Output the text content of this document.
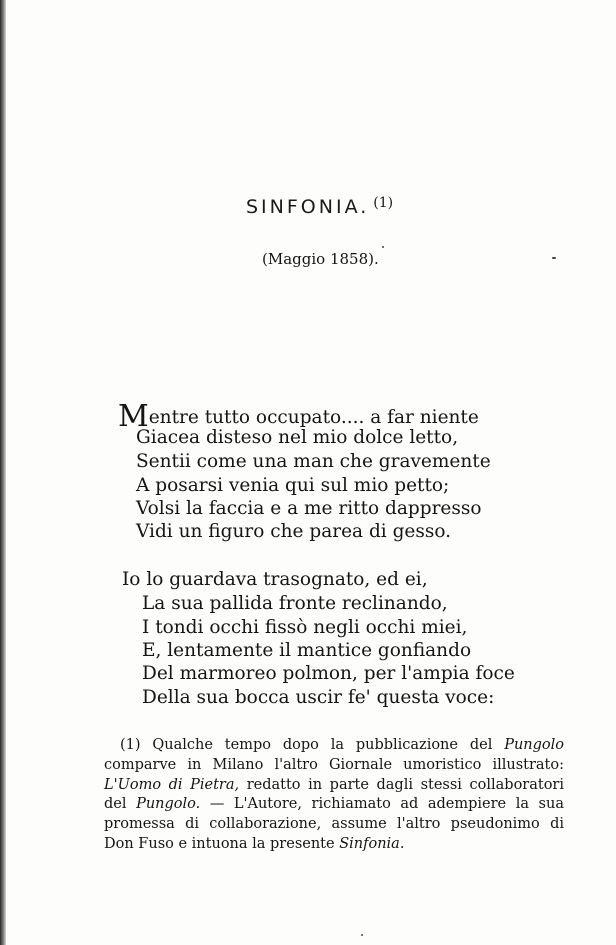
SINFONIA. $^{(1)}$
(Maggio 1858).
Mentre tutto occupato.... a far niente
Giacea disteso nel mio dolce letto,
Sentii come una man che gravemente
A posarsi venia qui sul mio petto;
Volsi la faccia e a me ritto dappresso
Vidi un figuro che parea di gesso.
Io lo guardava trasognato, ed ei,
La sua pallida fronte reclinando,
I tondi occhi fissò negli occhi miei,
E, lentamente il mantice gonfiando
Del marmoreo polmon, per l'ampia foce
Della sua bocca uscir fe' questa voce:
(1) Qualche tempo dopo la pubblicazione del Pungolo
comparve in Milano l'altro Giornale umoristico illustrato:
L'Uomo di Pietra, redatto in parte dagli stessi collaboratori
del Pungolo. — L'Autore, richiamato ad adempiere la sua
promessa di collaborazione, assume l'altro pseudonimo di
Don Fuso e intuona la presente Sinfonia.
